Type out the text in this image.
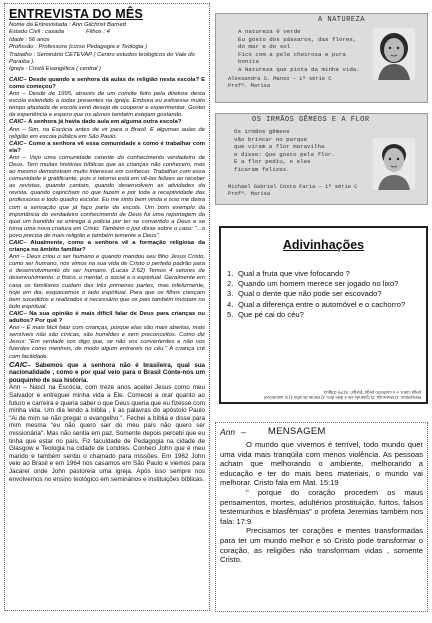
ENTREVISTA DO MÊS
Nome da Entrevistada : Ann Gilchrist Barnett
Estado Civil : casada	Filhos : 4
Idade : 56 anos
Profissão : Professora (curso Pedagogia e Teologia )
Trabalho : Seminário CETEVAP ( Centro estudos teológicos do Vale do Paraíba ).
Igreja : Cristã Evangélica ( central )

CAIC– Desde quando a senhora dá aulas de religião nesta escola? E como começou?

Ann – Desde de 1995, através de um convite feito pela diretora desta escola estendido a todas presentes na igreja. Embora eu estivesse muito tempo afastada de escola senti desejo de cooperar e experimentar. Gostei da experiência e espero que os alunos também estejam gostando.

CAIC– A senhora já havia dado aula em alguma outra escola?

Ann – Sim, na Escócia antes de vir para o Brasil. E algumas aulas de religião em escola pública em São Paulo.

CAIC– Como a senhora vê essa comunidade e como é trabalhar com ela?

Ann – Vejo uma comunidade carente do conhecimento verdadeiro de Deus. Tem muitas histórias bíblicas que as crianças não conhecem, mas ao mesmo demonstram muito interesse em conhecer. Trabalhar com essa comunidade é gratificante, pois o retorno está em vê-las felizes ao receber as revistas, quando cantam, quando desenvolvem as atividades da revista, quando capricham no que fazem e por toda a receptividade das professoras e todo quadro escolar. Eu me sinto bem vinda e isso me deixa com a sensação que já faço parte da escola. Um bom exemplo da importância do verdadeiro conhecimento de Deus foi uma reportagem da qual um bandido se entrega à polícia por ter se convertido a Deus e se torna uma nova criatura em Cristo. Também o juiz disse sobre o caso: "...o povo precisa de mais religião e também temente a Deus".

CAIC– Atualmente, como a senhora vê a formação religiosa da criança no âmbito familiar?

Ann – Deus criou o ser humano e quando mandou seu filho Jesus Cristo, como ser humano, nós vimos na sua vida de Cristo o perfeito padrão para o desenvolvimento do ser humano. (Lucas 2:52) Temos 4 setores de desenvolvimento: o físico, o mental, o social e o espiritual. Geralmente em casa os familiares cuidam das três primeiras partes, mas infelizmente, hoje em dia, esquecemos o lado espiritual. Para que os filhos cresçam bem sucedidos e realizados é necessário que os pais também invistam no lado espiritual.

CAIC– Na sua opinião é mais difícil falar de Deus para crianças ou adultos? Por quê ?

Ann – É mais fácil falar com crianças, porque elas são mais abertas, mais sensíveis não são cínicas, são humildes e sem preconceitos. Como diz Jesus: "Em verdade vos digo que, se não vos converterdes e não vos fizerdes como meninos, de modo algum entrareis no céu." A criança crê com facilidade.

CAIC– Sabemos que a senhora não é brasileira, qual sua nacionalidade , como e por qual veio para o Brasil Conte-nos um pouquinho de sua história.

Ann – Nasci na Escócia, com treze anos aceitei Jesus como meu Salvador e entreguei minha vida a Ele. Comecei a orar quanto ao futuro e carreira e queria saber o que Deus queria que eu fizesse com minha vida. Um dia lendo a bíblia , li as palavras do apóstolo Paulo "Ai de mim se não pregar o evangelho ". Fechei a bíblia e disse para mim mesma "eu não quero sair do meu país não quero ser missionária". Mas não sentia em paz. Somente depois percebi que eu tinha que estar no país. Fiz faculdade de Pedagogia na cidade de Glasgow e Teologia na cidade de Londres. Conheci John que é meu marido e também sentiu o chamado para missões. Em 1962 John veio ao Brasil e em 1964 nos casamos em São Paulo e viemos para Jacareí onde John pastoreia uma igreja. Após isso sempre nos envolvemos no ensino teológico em seminários e instituições bíblicas.

A NATUREZA
A natureza é verde
Eu gosto dos pássaros, das flores,
do mar e do sol
Fico com a pele cheirosa e pura bonita
A Natureza que pinta da minha vida.
Alessandra S. Manso – 1ª série C
Profª. Marisa
OS IRMÃOS GÊMEOS E A FLOR
Os irmãos gêmeos
vão brincar no parque
que viram a flor maravilha
e disse: Que gosto pela flor.
E a flor pediu, e eles
ficaram felizes.
Michael Gabriel Costa Faria – 1ª série C
Profª. Marisa
Adivinhações
1. Qual a fruta que vive fofocando ?
2. Quando um homem merece ser jogado no lixo?
3. Qual o dente que não pode ser escovado?
4. Qual a diferença entre o automóvel e o cachorro?
5. Que pé cai do céu?
Respostas: 1) Maracujá. 2) Quando ele é dele dun. 3) Dente de alho 4) O automóvel pega carro, e o cachorro pega "purga". 5) Pé d'água.
Ann – MENSAGEM

O mundo que vivemos é terrível, todo mundo quer uma vida mais tranqüila com menos violência. As pessoas acham que melhorando o ambiente, melhorando a educação e ter do mais bens materiais, o mundo vai melhorar. Cristo fala em Mat. 15:19

" porque do coração procedem os maus pensamentos, mortes, adultérios prostituição, furtos, falsos testemunhos e blasfêmias" o profeta Jeremias também nos fala: 17:9

Precisamos ter corações e mentes transformadas para ter um mundo melhor e só Cristo pode transformar o coração, as religiões não transformam vidas , somente Cristo.
